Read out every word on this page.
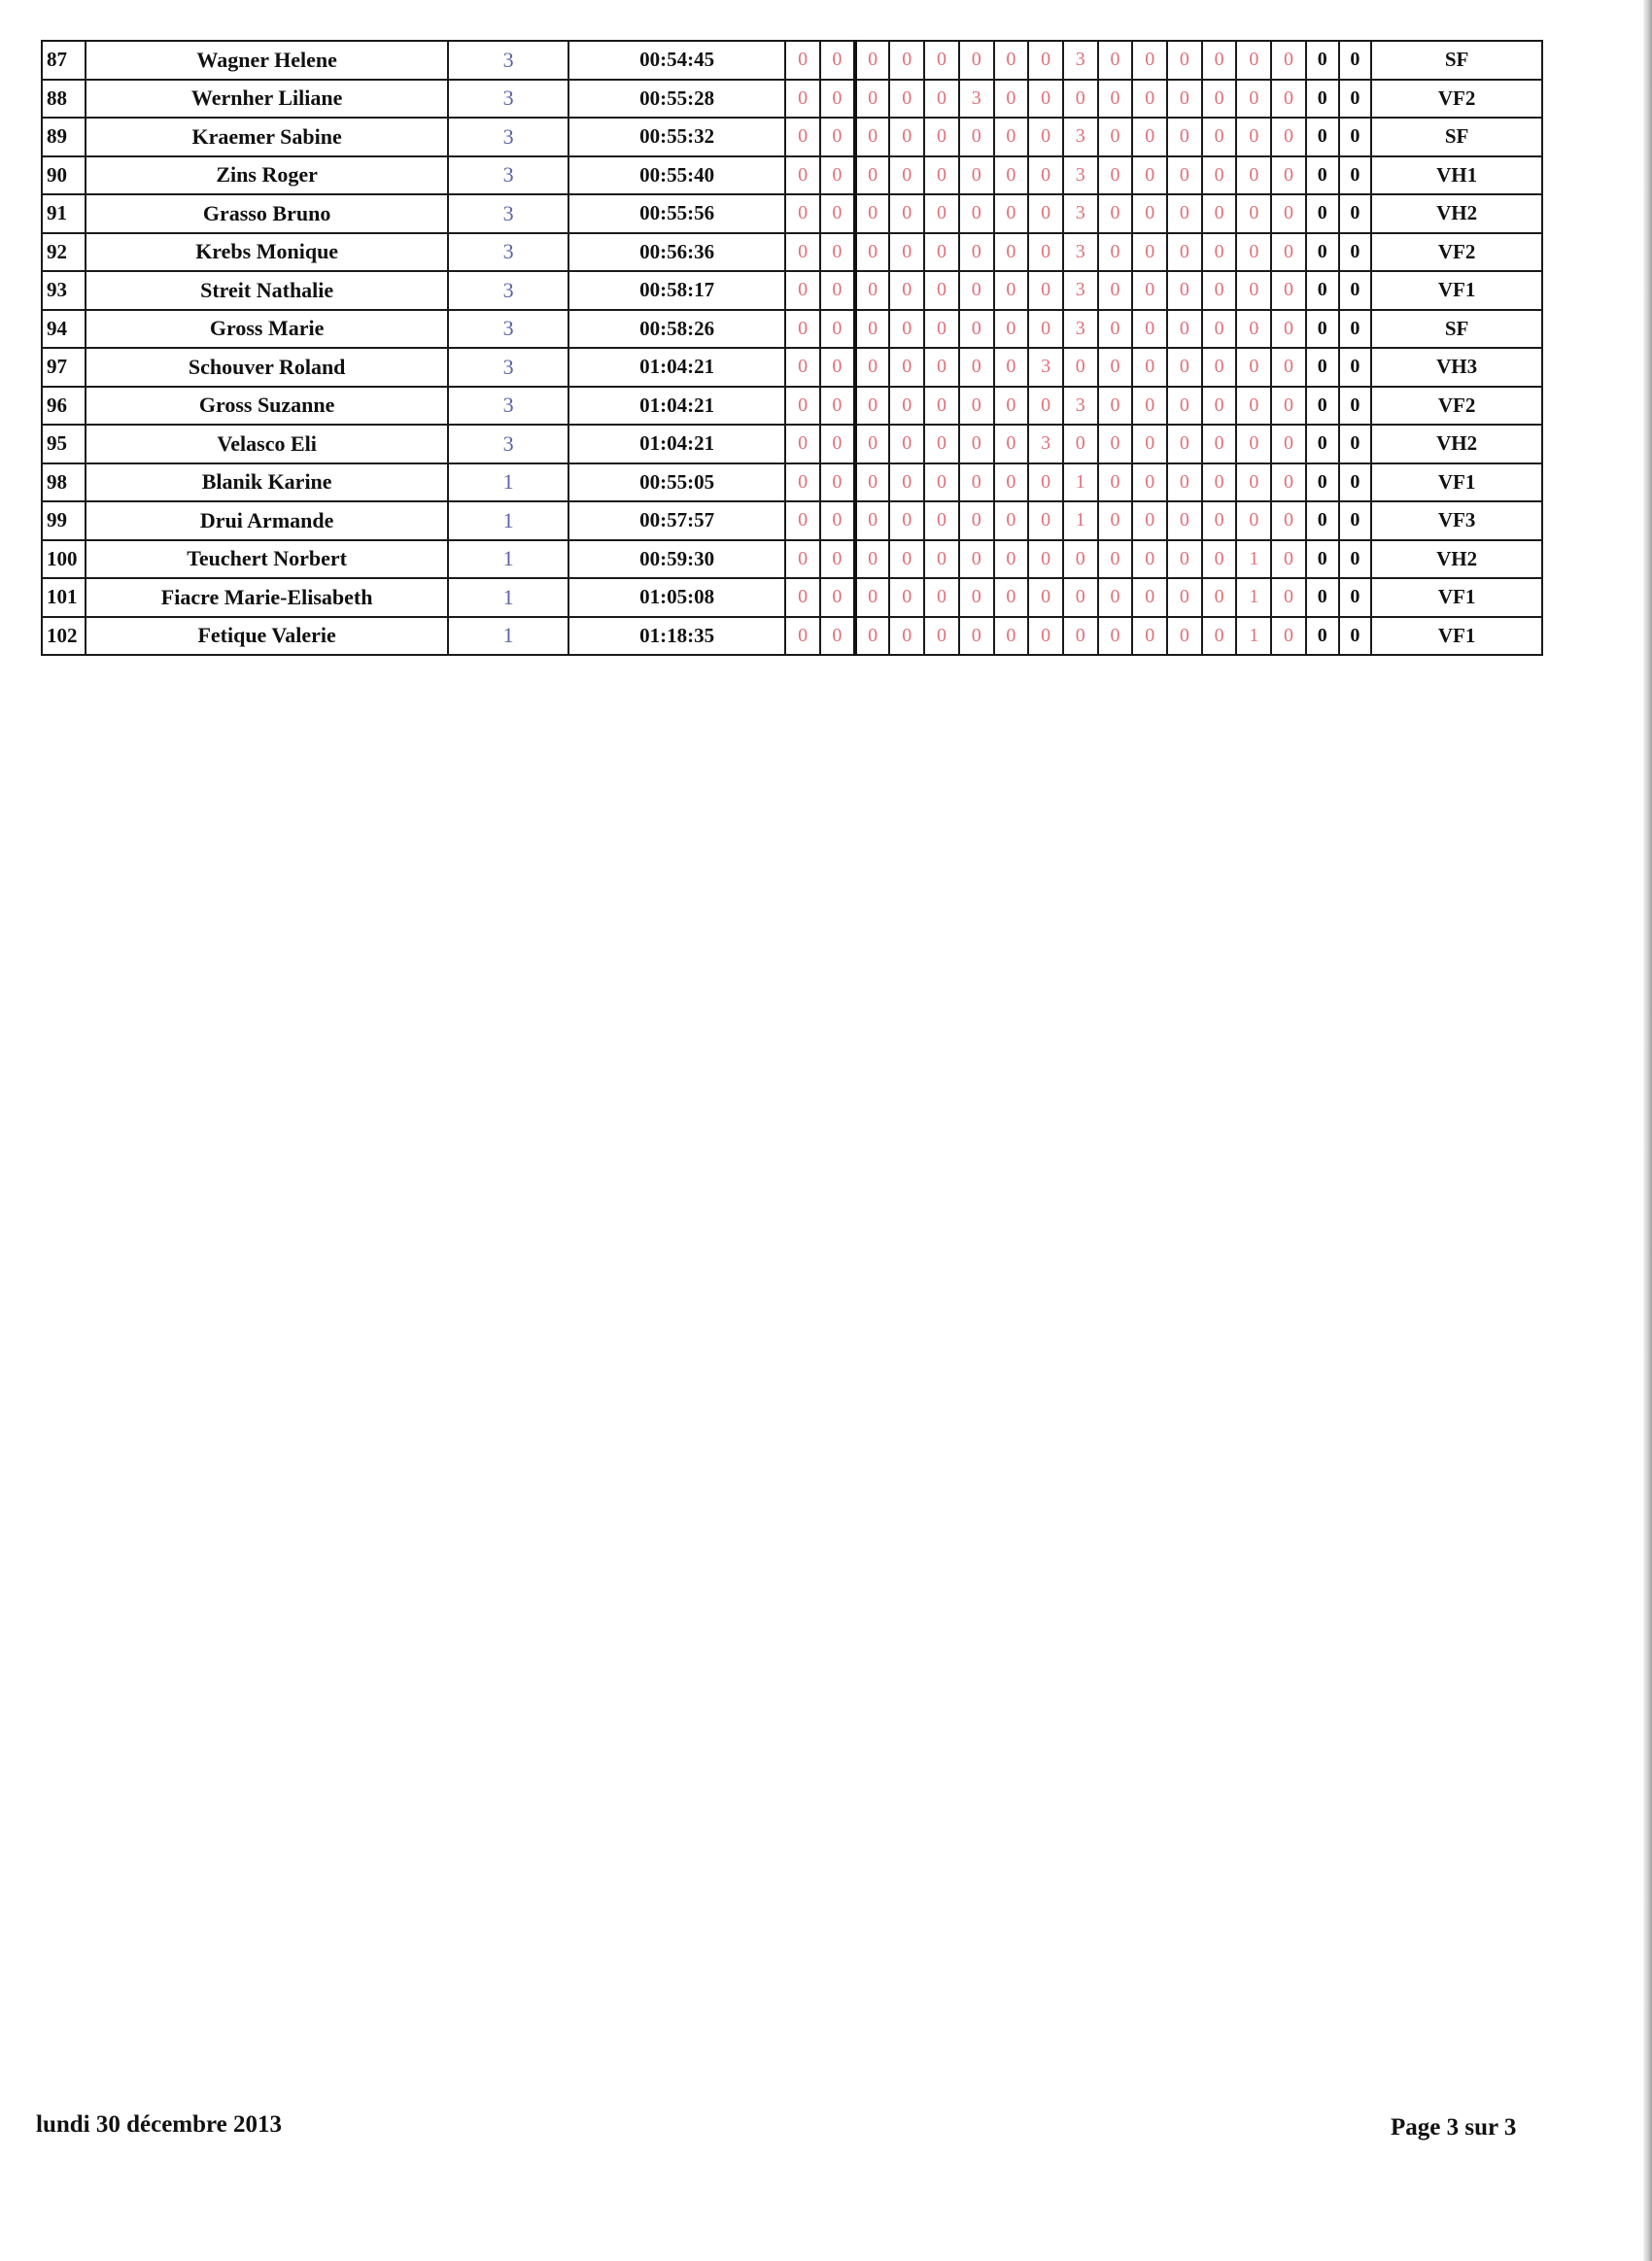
87	Wagner Helene	3	00:54:45	0	0	0	0	0	0	0	0	3	0	0	0	0	0	0	0	0	SF
88	Wernher Liliane	3	00:55:28	0	0	0	0	0	3	0	0	0	0	0	0	0	0	0	0	0	VF2
89	Kraemer Sabine	3	00:55:32	0	0	0	0	0	0	0	0	3	0	0	0	0	0	0	0	0	SF
90	Zins Roger	3	00:55:40	0	0	0	0	0	0	0	0	3	0	0	0	0	0	0	0	0	VH1
91	Grasso Bruno	3	00:55:56	0	0	0	0	0	0	0	0	3	0	0	0	0	0	0	0	0	VH2
92	Krebs Monique	3	00:56:36	0	0	0	0	0	0	0	0	3	0	0	0	0	0	0	0	0	VF2
93	Streit Nathalie	3	00:58:17	0	0	0	0	0	0	0	0	3	0	0	0	0	0	0	0	0	VF1
94	Gross Marie	3	00:58:26	0	0	0	0	0	0	0	0	3	0	0	0	0	0	0	0	0	SF
97	Schouver Roland	3	01:04:21	0	0	0	0	0	0	0	3	0	0	0	0	0	0	0	0	0	VH3
96	Gross Suzanne	3	01:04:21	0	0	0	0	0	0	0	0	3	0	0	0	0	0	0	0	0	VF2
95	Velasco Eli	3	01:04:21	0	0	0	0	0	0	0	3	0	0	0	0	0	0	0	0	0	VH2
98	Blanik Karine	1	00:55:05	0	0	0	0	0	0	0	0	1	0	0	0	0	0	0	0	0	VF1
99	Drui Armande	1	00:57:57	0	0	0	0	0	0	0	0	1	0	0	0	0	0	0	0	0	VF3
100	Teuchert Norbert	1	00:59:30	0	0	0	0	0	0	0	0	0	0	0	0	0	1	0	0	0	VH2
101	Fiacre Marie-Elisabeth	1	01:05:08	0	0	0	0	0	0	0	0	0	0	0	0	0	1	0	0	0	VF1
102	Fetique Valerie	1	01:18:35	0	0	0	0	0	0	0	0	0	0	0	0	0	1	0	0	0	VF1
lundi 30 décembre 2013	Page 3 sur 3
